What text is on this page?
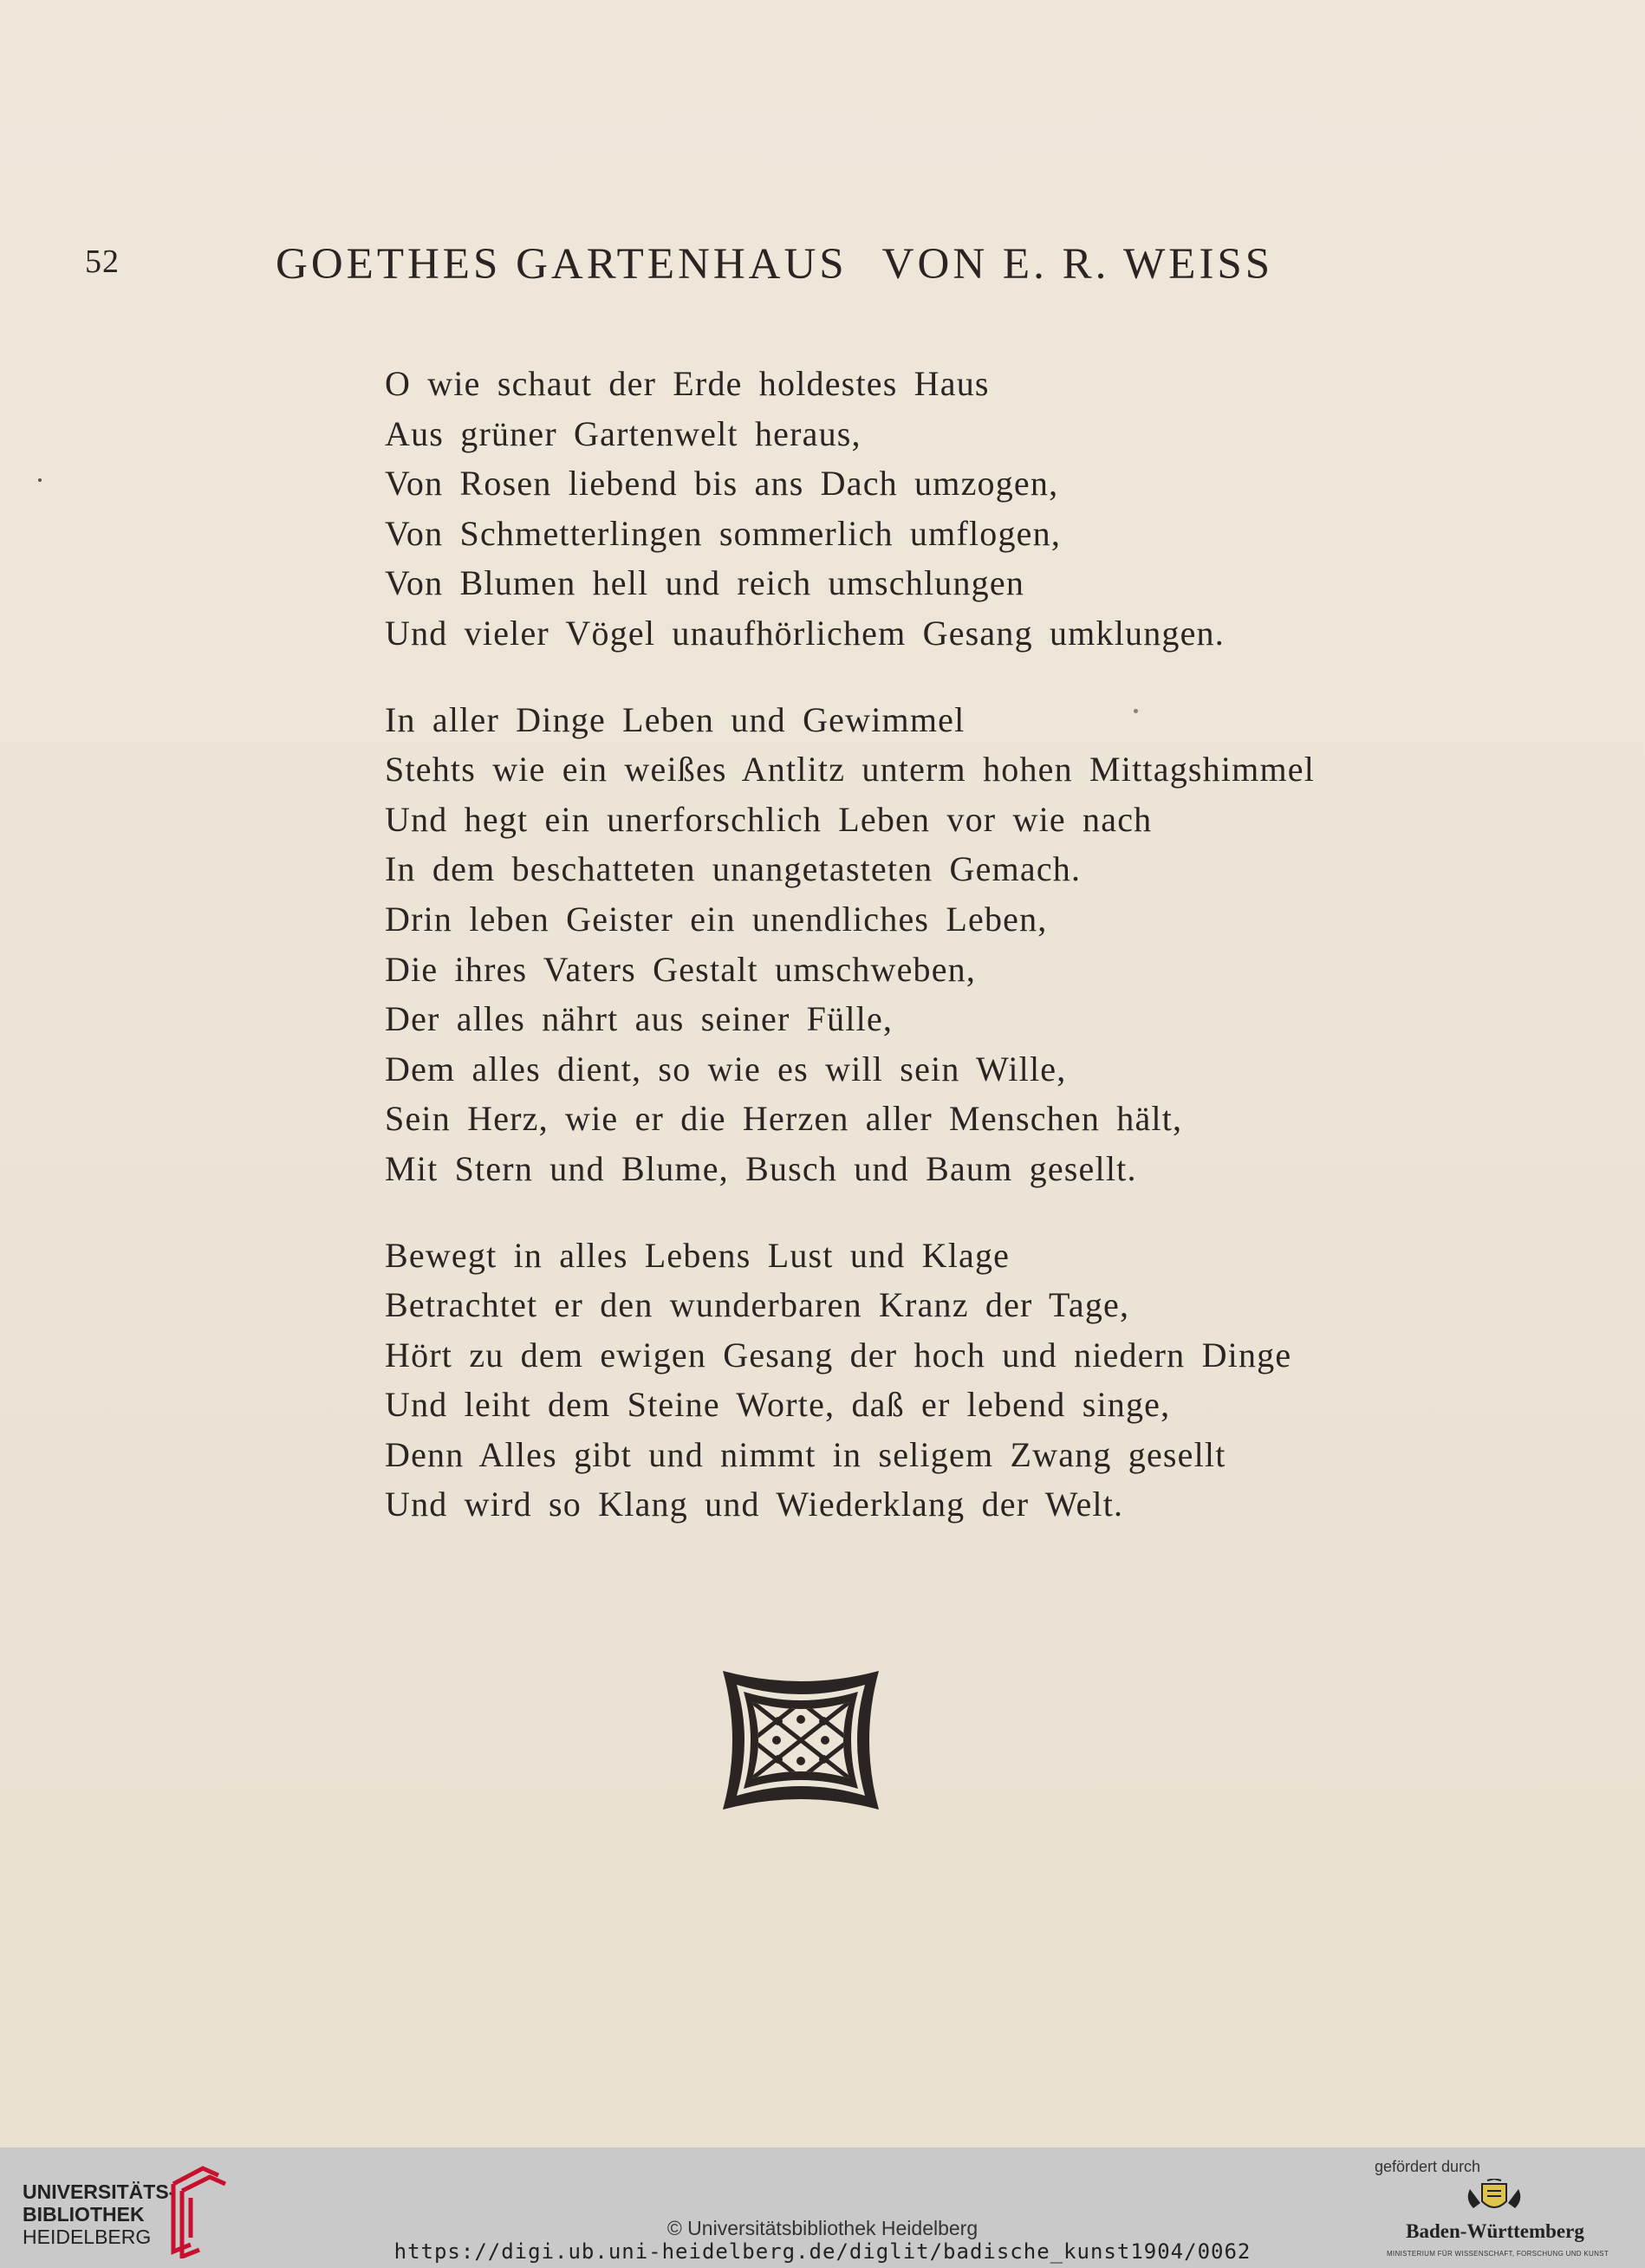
52	GOETHES GARTENHAUS VON E. R. WEISS
O wie schaut der Erde holdestes Haus
Aus grüner Gartenwelt heraus,
Von Rosen liebend bis ans Dach umzogen,
Von Schmetterlingen sommerlich umflogen,
Von Blumen hell und reich umschlungen
Und vieler Vögel unaufhörlichem Gesang umklungen.
In aller Dinge Leben und Gewimmel
Stehts wie ein weißes Antlitz unterm hohen Mittagshimmel
Und hegt ein unerforschlich Leben vor wie nach
In dem beschatteten unangetasteten Gemach.
Drin leben Geister ein unendliches Leben,
Die ihres Vaters Gestalt umschweben,
Der alles nährt aus seiner Fülle,
Dem alles dient, so wie es will sein Wille,
Sein Herz, wie er die Herzen aller Menschen hält,
Mit Stern und Blume, Busch und Baum gesellt.
Bewegt in alles Lebens Lust und Klage
Betrachtet er den wunderbaren Kranz der Tage,
Hört zu dem ewigen Gesang der hoch und niedern Dinge
Und leiht dem Steine Worte, daß er lebend singe,
Denn Alles gibt und nimmt in seligem Zwang gesellt
Und wird so Klang und Wiederklang der Welt.
UNIVERSITÄTS-
BIBLIOTHEK
HEIDELBERG	© Universitätsbibliothek Heidelberg
https://digi.ub.uni-heidelberg.de/diglit/badische_kunst1904/0062
gefördert durch
Baden-Württemberg
MINISTERIUM FÜR WISSENSCHAFT, FORSCHUNG UND KUNST
